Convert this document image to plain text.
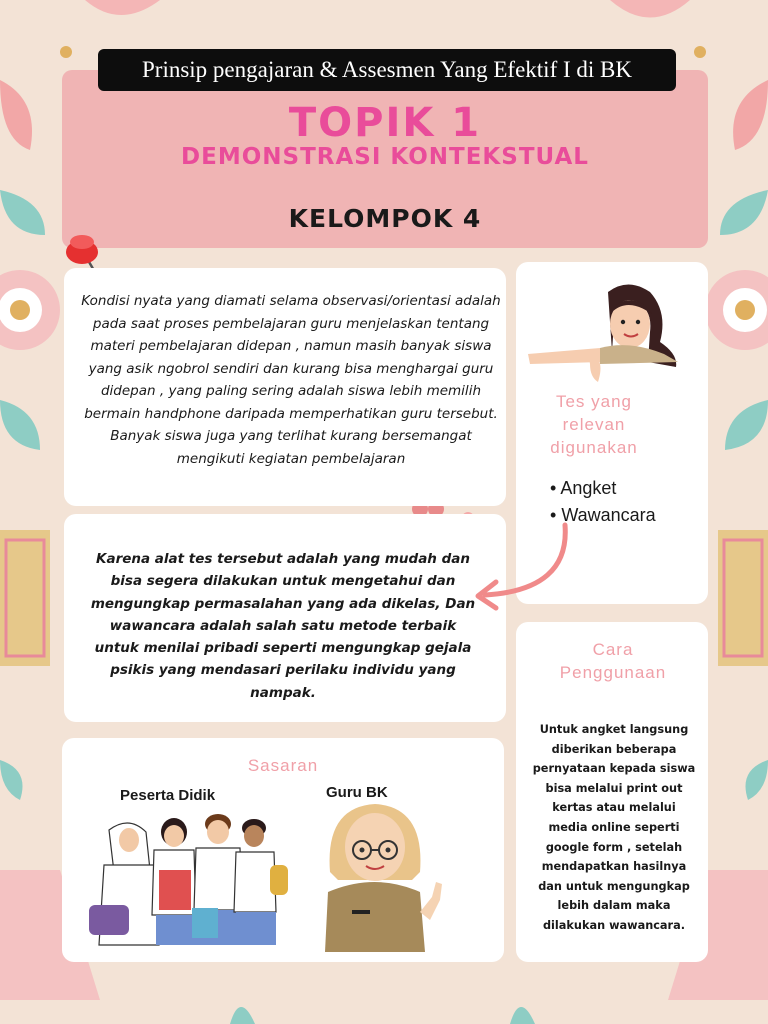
Prinsip pengajaran & Assesmen Yang Efektif I di BK
TOPIK 1
DEMONSTRASI KONTEKSTUAL
KELOMPOK 4
Kondisi nyata yang diamati selama observasi/orientasi adalah pada saat proses pembelajaran guru menjelaskan tentang materi pembelajaran didepan , namun masih banyak siswa yang asik ngobrol sendiri dan kurang bisa menghargai guru didepan , yang paling sering adalah siswa lebih memilih bermain handphone daripada memperhatikan guru tersebut. Banyak siswa juga yang terlihat kurang bersemangat mengikuti kegiatan pembelajaran
Karena alat tes tersebut adalah yang mudah dan bisa segera dilakukan untuk mengetahui dan mengungkap permasalahan yang ada dikelas, Dan wawancara adalah salah satu metode terbaik untuk menilai pribadi seperti mengungkap gejala psikis yang mendasari perilaku individu yang nampak.
Tes yang relevan digunakan
• Angket
• Wawancara
Cara Penggunaan
Untuk angket langsung diberikan beberapa pernyataan kepada siswa bisa melalui print out kertas atau melalui media online seperti google form , setelah mendapatkan hasilnya dan untuk mengungkap lebih dalam maka dilakukan wawancara.
Sasaran
Peserta Didik	Guru BK
